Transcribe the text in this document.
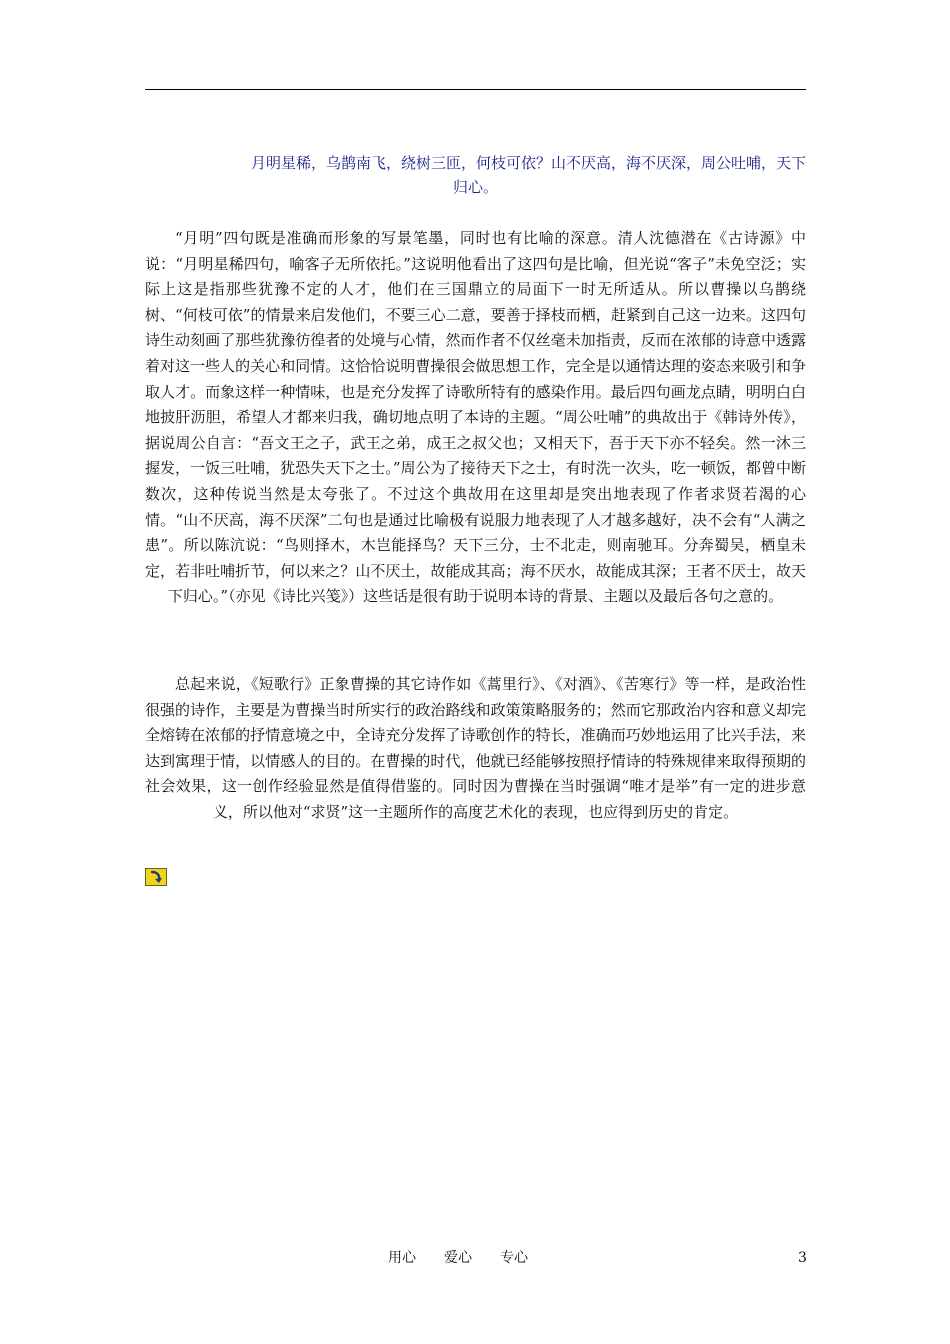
月明星稀，乌鹊南飞，绕树三匝，何枝可依？山不厌高，海不厌深，周公吐哺，天下
归心。

“月明”四句既是准确而形象的写景笔墨，同时也有比喻的深意。清人沈德潜在《古诗源》中说：“月明星稀四句，喻客子无所依托。”这说明他看出了这四句是比喻，但光说“客子”未免空泛；实际上这是指那些犹豫不定的人才，他们在三国鼎立的局面下一时无所适从。所以曹操以乌鹊绕树、“何枝可依”的情景来启发他们，不要三心二意，要善于择枝而栖，赶紧到自己这一边来。这四句诗生动刻画了那些犹豫彷徨者的处境与心情，然而作者不仅丝毫未加指责，反而在浓郁的诗意中透露着对这一些人的关心和同情。这恰恰说明曹操很会做思想工作，完全是以通情达理的姿态来吸引和争取人才。而象这样一种情味，也是充分发挥了诗歌所特有的感染作用。最后四句画龙点睛，明明白白地披肝沥胆，希望人才都来归我，确切地点明了本诗的主题。“周公吐哺”的典故出于《韩诗外传》，据说周公自言：“吾文王之子，武王之弟，成王之叔父也；又相天下，吾于天下亦不轻矣。然一沐三握发，一饭三吐哺，犹恐失天下之士。”周公为了接待天下之士，有时洗一次头，吃一顿饭，都曾中断数次，这种传说当然是太夸张了。不过这个典故用在这里却是突出地表现了作者求贤若渴的心情。“山不厌高，海不厌深”二句也是通过比喻极有说服力地表现了人才越多越好，决不会有“人满之患”。所以陈沆说：“鸟则择木，木岂能择鸟？天下三分，士不北走，则南驰耳。分奔蜀吴，栖皇未定，若非吐哺折节，何以来之？山不厌土，故能成其高；海不厌水，故能成其深；王者不厌士，故天下归心。”（亦见《诗比兴笺》）这些话是很有助于说明本诗的背景、主题以及最后各句之意的。

总起来说，《短歌行》正象曹操的其它诗作如《蒿里行》、《对酒》、《苦寒行》等一样，是政治性很强的诗作，主要是为曹操当时所实行的政治路线和政策策略服务的；然而它那政治内容和意义却完全熔铸在浓郁的抒情意境之中，全诗充分发挥了诗歌创作的特长，准确而巧妙地运用了比兴手法，来达到寓理于情，以情感人的目的。在曹操的时代，他就已经能够按照抒情诗的特殊规律来取得预期的社会效果，这一创作经验显然是值得借鉴的。同时因为曹操在当时强调“唯才是举”有一定的进步意义，所以他对“求贤”这一主题所作的高度艺术化的表现，也应得到历史的肯定。

用心 爱心 专心	3
